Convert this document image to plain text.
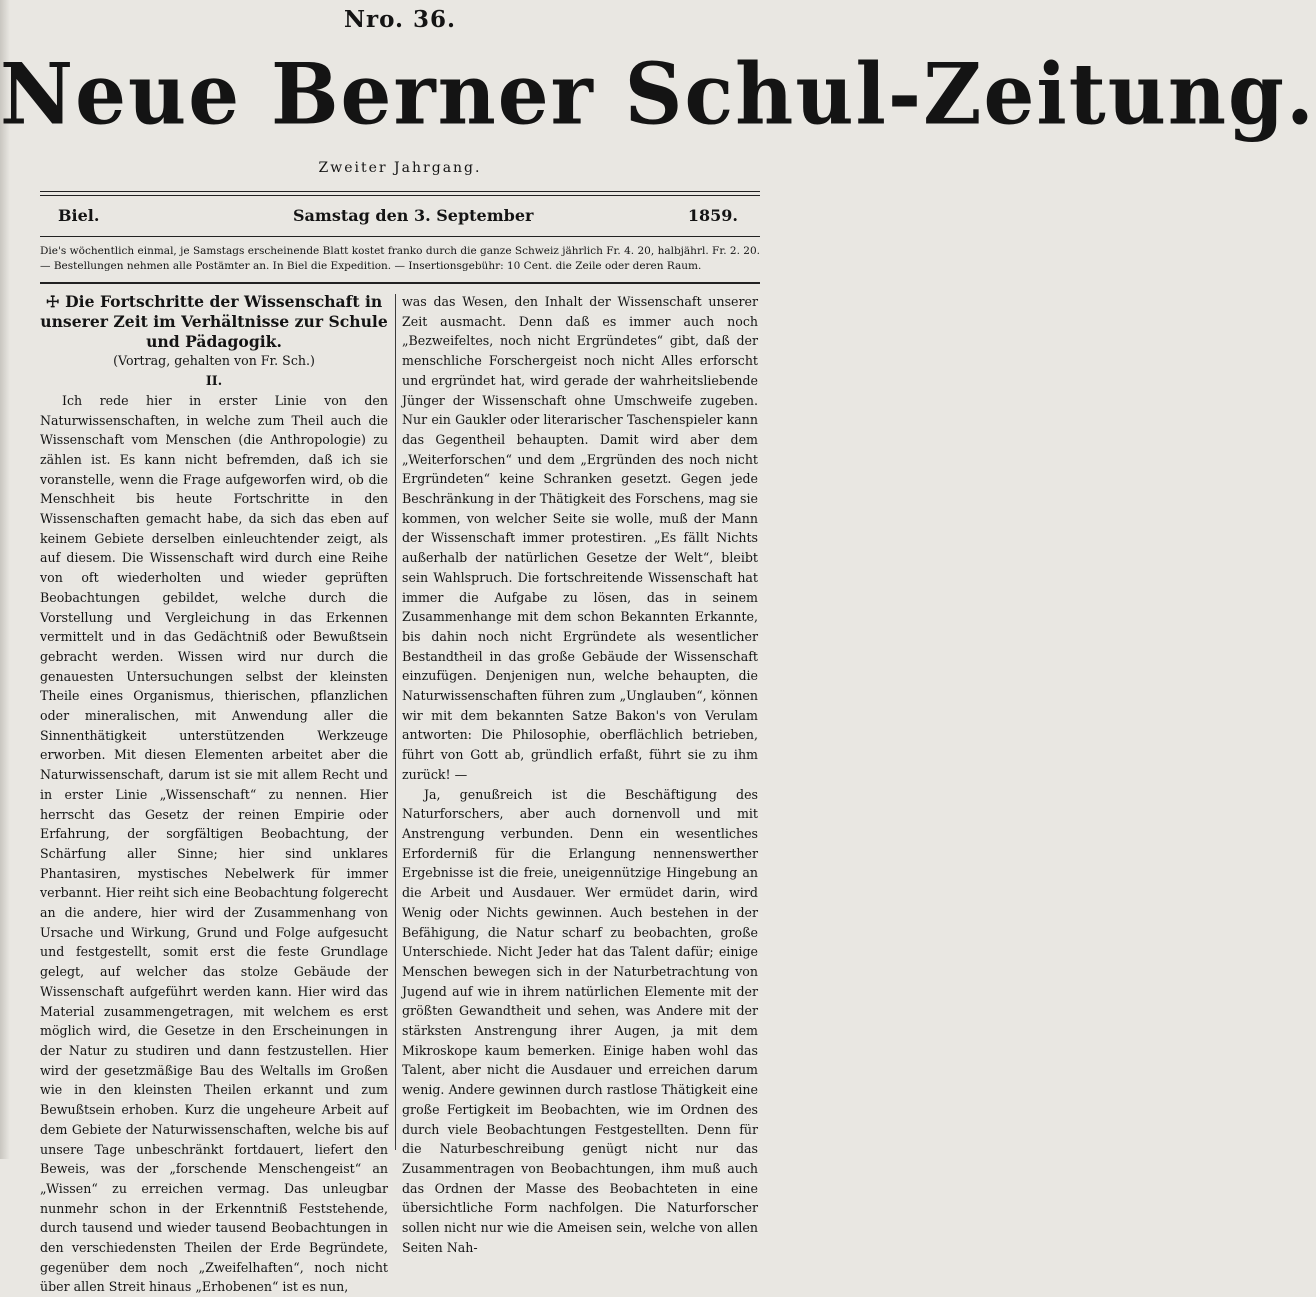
Nro. 36.
Neue Berner Schul-Zeitung.
Zweiter Jahrgang.
Biel.	Samstag den 3. September	1859.
Die's wöchentlich einmal, je Samstags erscheinende Blatt kostet franko durch die ganze Schweiz jährlich Fr. 4. 20, halbjährl. Fr. 2. 20. — Bestellungen nehmen alle Postämter an. In Biel die Expedition. — Insertionsgebühr: 10 Cent. die Zeile oder deren Raum.

☩ Die Fortschritte der Wissenschaft in unserer Zeit im Verhältnisse zur Schule und Pädagogik.

(Vortrag, gehalten von Fr. Sch.)

II.

Ich rede hier in erster Linie von den Naturwissenschaften, in welche zum Theil auch die Wissenschaft vom Menschen (die Anthropologie) zu zählen ist. Es kann nicht befremden, daß ich sie voranstelle, wenn die Frage aufgeworfen wird, ob die Menschheit bis heute Fortschritte in den Wissenschaften gemacht habe, da sich das eben auf keinem Gebiete derselben einleuchtender zeigt, als auf diesem. Die Wissenschaft wird durch eine Reihe von oft wiederholten und wieder geprüften Beobachtungen gebildet, welche durch die Vorstellung und Vergleichung in das Erkennen vermittelt und in das Gedächtniß oder Bewußtsein gebracht werden. Wissen wird nur durch die genauesten Untersuchungen selbst der kleinsten Theile eines Organismus, thierischen, pflanzlichen oder mineralischen, mit Anwendung aller die Sinnenthätigkeit unterstützenden Werkzeuge erworben. Mit diesen Elementen arbeitet aber die Naturwissenschaft, darum ist sie mit allem Recht und in erster Linie „Wissenschaft“ zu nennen. Hier herrscht das Gesetz der reinen Empirie oder Erfahrung, der sorgfältigen Beobachtung, der Schärfung aller Sinne; hier sind unklares Phantasiren, mystisches Nebelwerk für immer verbannt. Hier reiht sich eine Beobachtung folgerecht an die andere, hier wird der Zusammenhang von Ursache und Wirkung, Grund und Folge aufgesucht und festgestellt, somit erst die feste Grundlage gelegt, auf welcher das stolze Gebäude der Wissenschaft aufgeführt werden kann. Hier wird das Material zusammengetragen, mit welchem es erst möglich wird, die Gesetze in den Erscheinungen in der Natur zu studiren und dann festzustellen. Hier wird der gesetzmäßige Bau des Weltalls im Großen wie in den kleinsten Theilen erkannt und zum Bewußtsein erhoben. Kurz die ungeheure Arbeit auf dem Gebiete der Naturwissenschaften, welche bis auf unsere Tage unbeschränkt fortdauert, liefert den Beweis, was der „forschende Menschengeist“ an „Wissen“ zu erreichen vermag. Das unleugbar nunmehr schon in der Erkenntniß Feststehende, durch tausend und wieder tausend Beobachtungen in den verschiedensten Theilen der Erde Begründete, gegenüber dem noch „Zweifelhaften“, noch nicht über allen Streit hinaus „Erhobenen“ ist es nun,

was das Wesen, den Inhalt der Wissenschaft unserer Zeit ausmacht. Denn daß es immer auch noch „Bezweifeltes, noch nicht Ergründetes“ gibt, daß der menschliche Forschergeist noch nicht Alles erforscht und ergründet hat, wird gerade der wahrheitsliebende Jünger der Wissenschaft ohne Umschweife zugeben. Nur ein Gaukler oder literarischer Taschenspieler kann das Gegentheil behaupten. Damit wird aber dem „Weiterforschen“ und dem „Ergründen des noch nicht Ergründeten“ keine Schranken gesetzt. Gegen jede Beschränkung in der Thätigkeit des Forschens, mag sie kommen, von welcher Seite sie wolle, muß der Mann der Wissenschaft immer protestiren. „Es fällt Nichts außerhalb der natürlichen Gesetze der Welt“, bleibt sein Wahlspruch. Die fortschreitende Wissenschaft hat immer die Aufgabe zu lösen, das in seinem Zusammenhange mit dem schon Bekannten Erkannte, bis dahin noch nicht Ergründete als wesentlicher Bestandtheil in das große Gebäude der Wissenschaft einzufügen. Denjenigen nun, welche behaupten, die Naturwissenschaften führen zum „Unglauben“, können wir mit dem bekannten Satze Bakon's von Verulam antworten: Die Philosophie, oberflächlich betrieben, führt von Gott ab, gründlich erfaßt, führt sie zu ihm zurück! —

Ja, genußreich ist die Beschäftigung des Naturforschers, aber auch dornenvoll und mit Anstrengung verbunden. Denn ein wesentliches Erforderniß für die Erlangung nennenswerther Ergebnisse ist die freie, uneigennützige Hingebung an die Arbeit und Ausdauer. Wer ermüdet darin, wird Wenig oder Nichts gewinnen. Auch bestehen in der Befähigung, die Natur scharf zu beobachten, große Unterschiede. Nicht Jeder hat das Talent dafür; einige Menschen bewegen sich in der Naturbetrachtung von Jugend auf wie in ihrem natürlichen Elemente mit der größten Gewandtheit und sehen, was Andere mit der stärksten Anstrengung ihrer Augen, ja mit dem Mikroskope kaum bemerken. Einige haben wohl das Talent, aber nicht die Ausdauer und erreichen darum wenig. Andere gewinnen durch rastlose Thätigkeit eine große Fertigkeit im Beobachten, wie im Ordnen des durch viele Beobachtungen Festgestellten. Denn für die Naturbeschreibung genügt nicht nur das Zusammentragen von Beobachtungen, ihm muß auch das Ordnen der Masse des Beobachteten in eine übersichtliche Form nachfolgen. Die Naturforscher sollen nicht nur wie die Ameisen sein, welche von allen Seiten Nah-
